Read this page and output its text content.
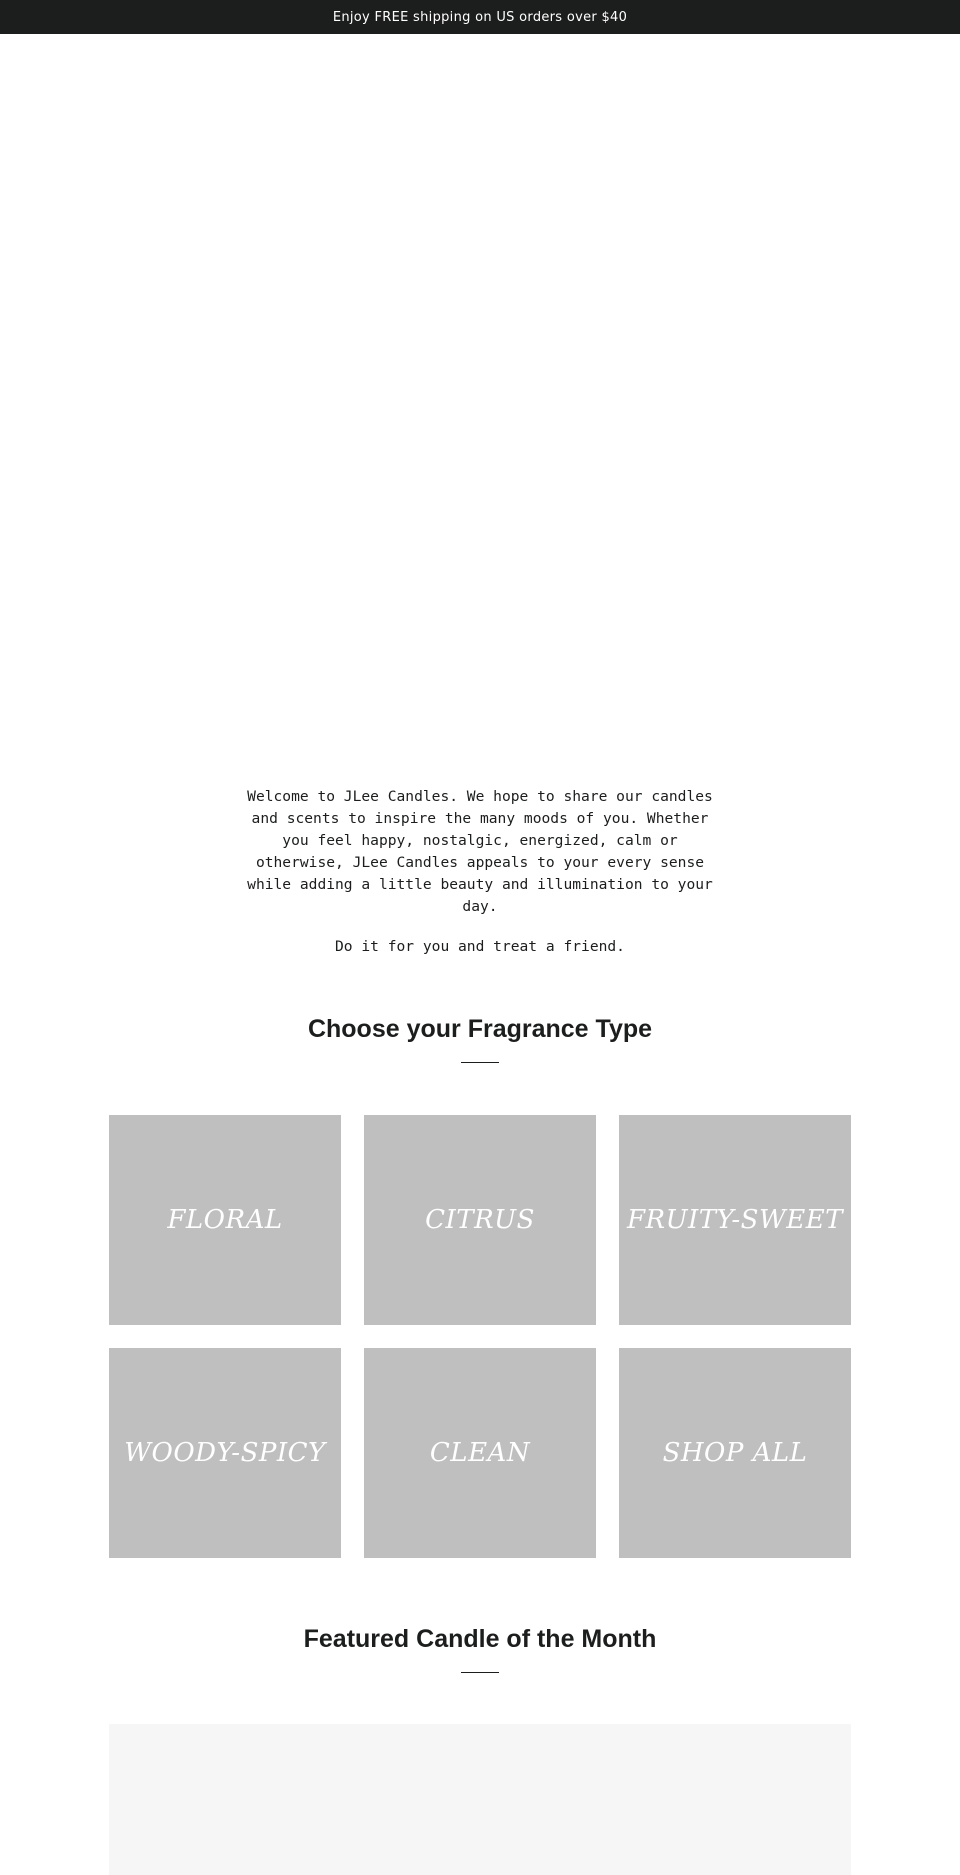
Enjoy FREE shipping on US orders over $40

Welcome to JLee Candles. We hope to share our candles and scents to inspire the many moods of you. Whether you feel happy, nostalgic, energized, calm or otherwise, JLee Candles appeals to your every sense while adding a little beauty and illumination to your day.

Do it for you and treat a friend.

Choose your Fragrance Type
FLORAL	CITRUS	FRUITY-SWEET
WOODY-SPICY	CLEAN	SHOP ALL
Featured Candle of the Month
